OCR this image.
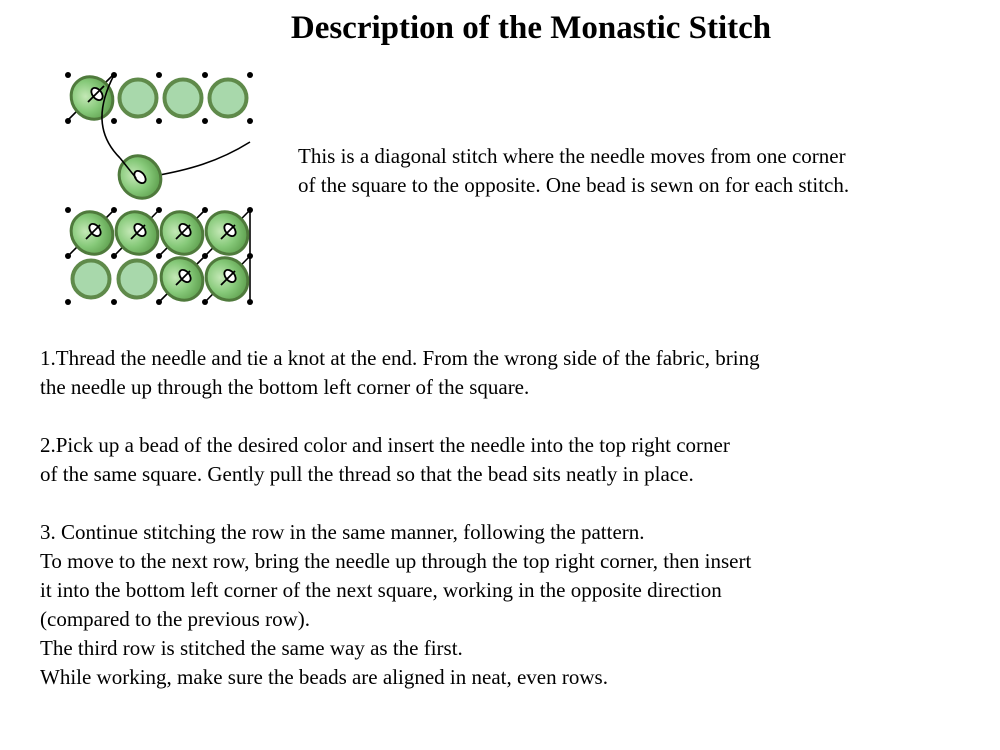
Description of the Monastic Stitch

This is a diagonal stitch where the needle moves from one corner

of the square to the opposite. One bead is sewn on for each stitch.

1.Thread the needle and tie a knot at the end. From the wrong side of the fabric, bring

the needle up through the bottom left corner of the square.

2.Pick up a bead of the desired color and insert the needle into the top right corner

of the same square. Gently pull the thread so that the bead sits neatly in place.

3. Continue stitching the row in the same manner, following the pattern.

To move to the next row, bring the needle up through the top right corner, then insert

it into the bottom left corner of the next square, working in the opposite direction

(compared to the previous row).

The third row is stitched the same way as the first.

While working, make sure the beads are aligned in neat, even rows.
